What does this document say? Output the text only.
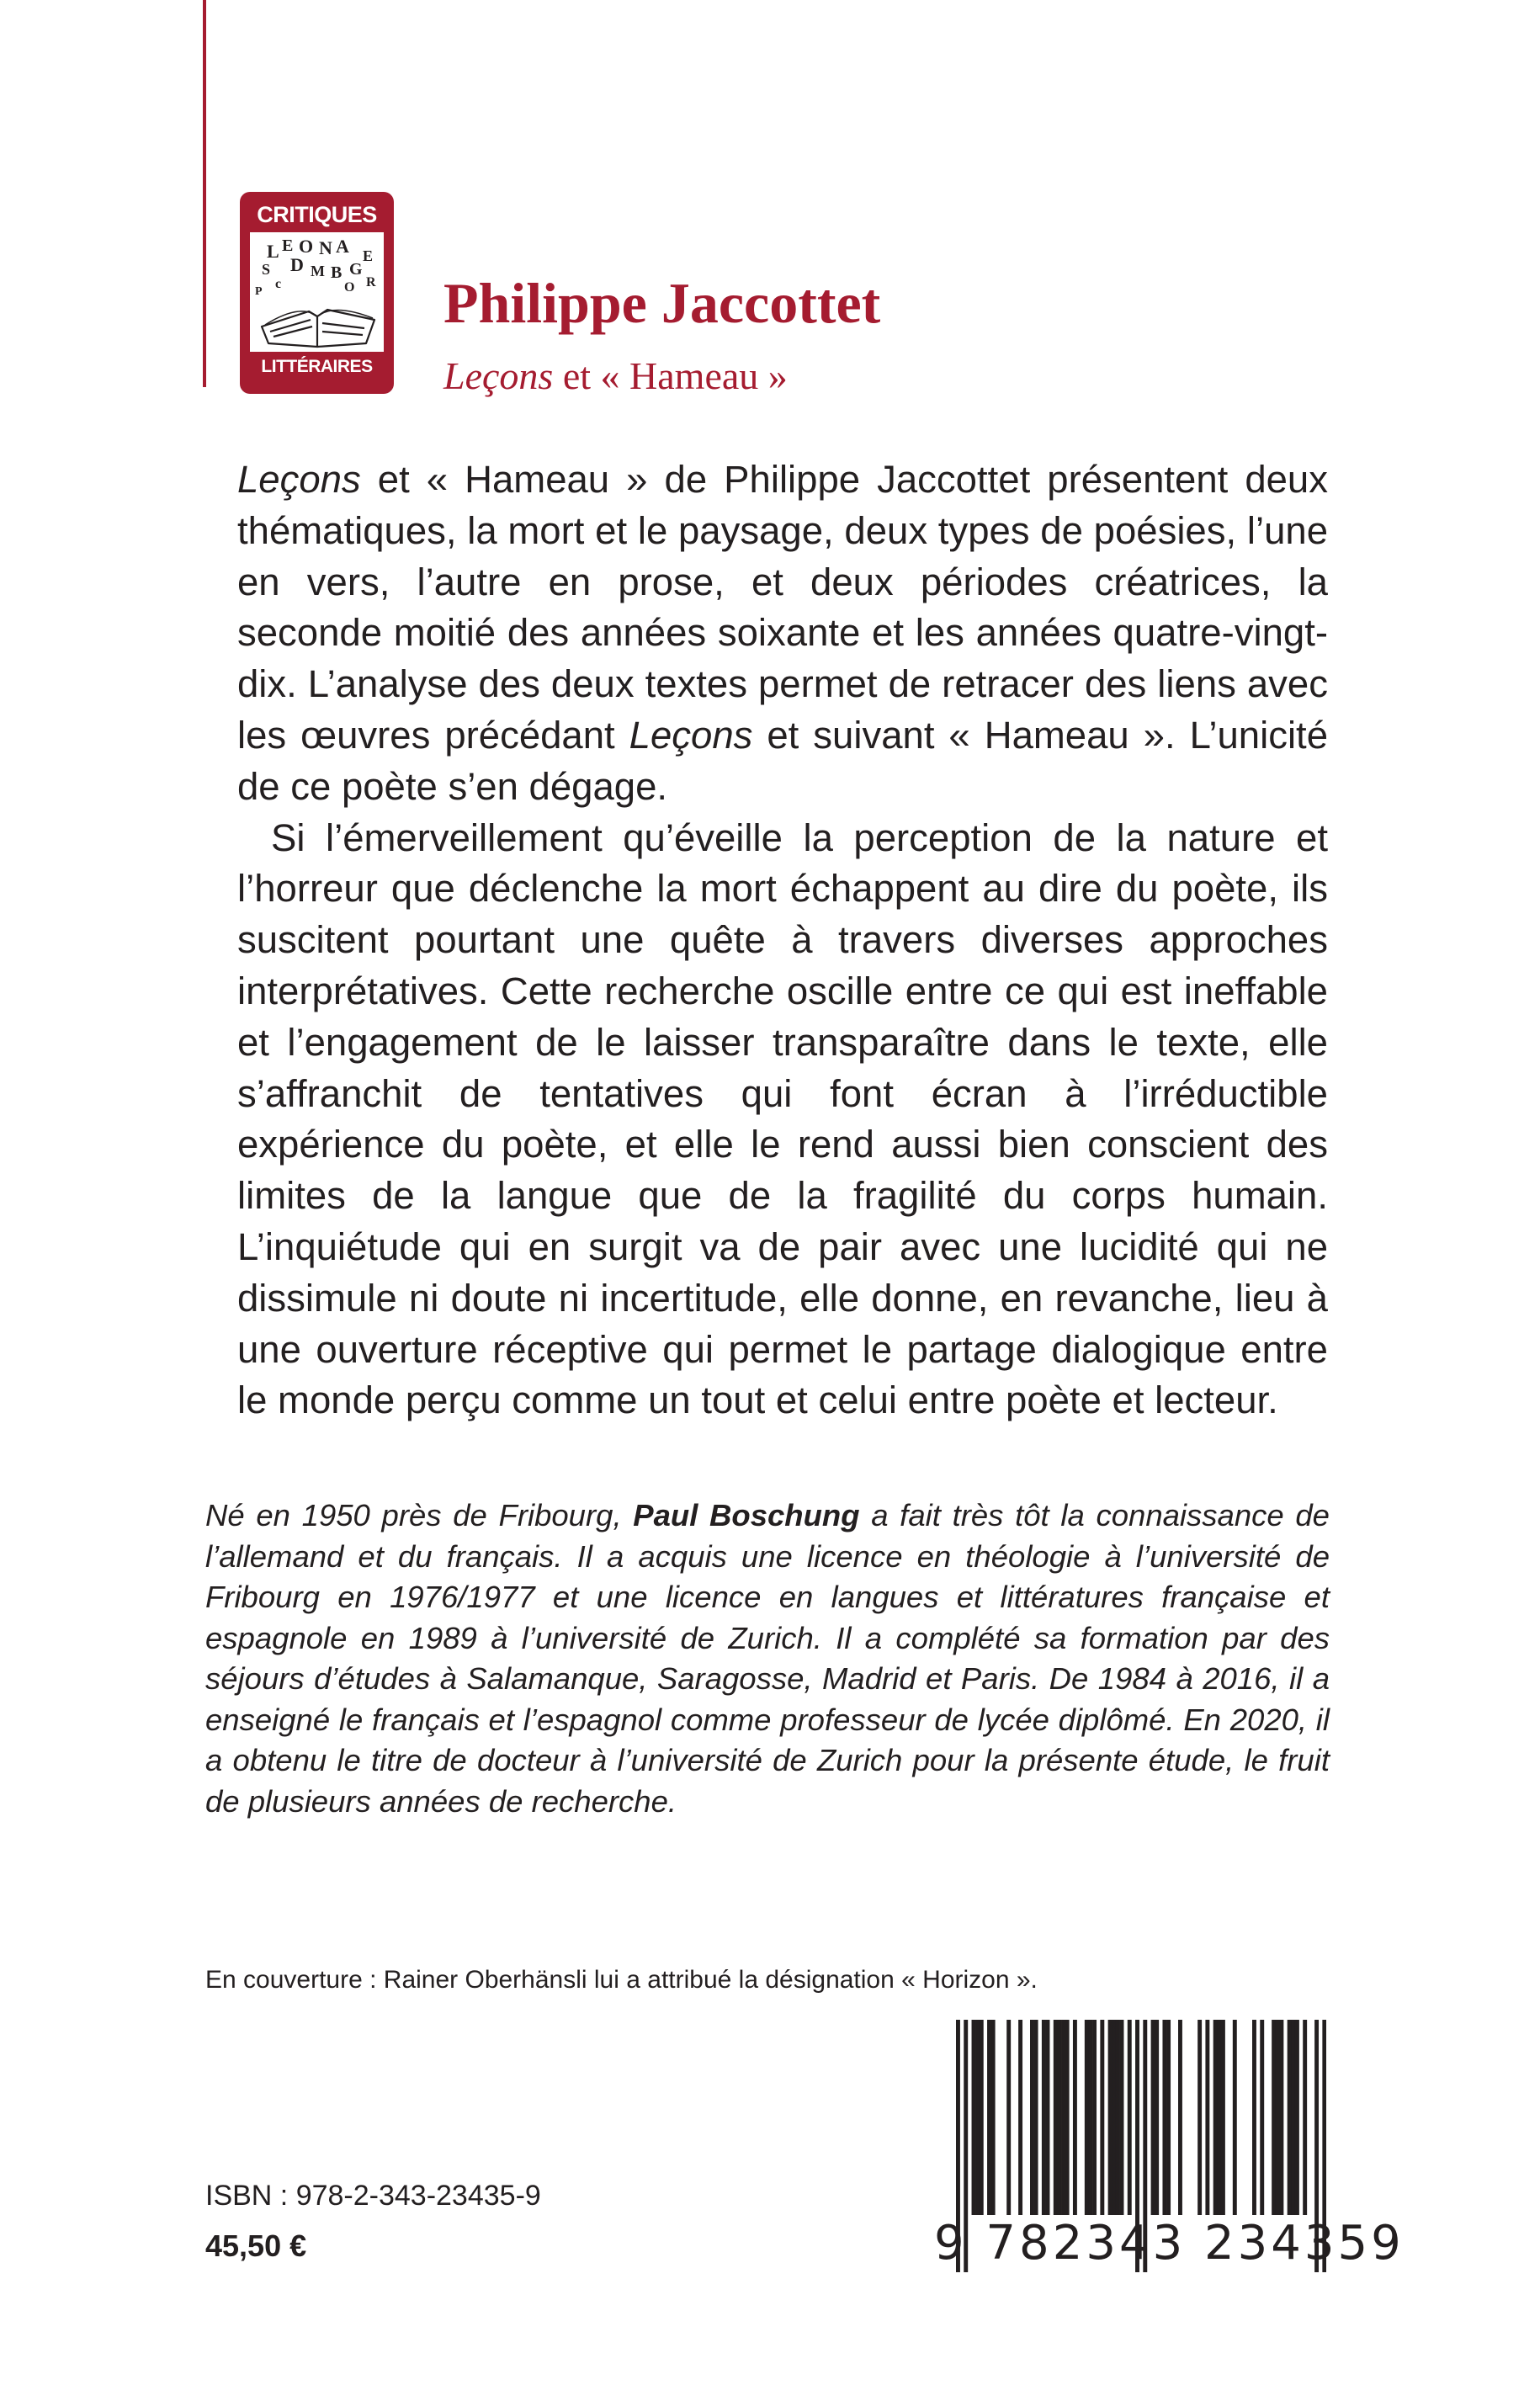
CRITIQUES
L E O N A
S D M B G
E
R
c	O
P
LITTÉRAIRES
Philippe Jaccottet
Leçons et « Hameau »

Leçons et « Hameau » de Philippe Jaccottet présentent deux thématiques, la mort et le paysage, deux types de poésies, l’une en vers, l’autre en prose, et deux périodes créatrices, la seconde moitié des années soixante et les années quatre-vingt-dix. L’analyse des deux textes permet de retracer des liens avec les œuvres précédant Leçons et suivant « Hameau ». L’unicité de ce poète s’en dégage.

Si l’émerveillement qu’éveille la perception de la nature et l’horreur que déclenche la mort échappent au dire du poète, ils suscitent pourtant une quête à travers diverses approches interprétatives. Cette recherche oscille entre ce qui est ineffable et l’engagement de le laisser transparaître dans le texte, elle s’affranchit de tentatives qui font écran à l’irréductible expérience du poète, et elle le rend aussi bien conscient des limites de la langue que de la fragilité du corps humain. L’inquiétude qui en surgit va de pair avec une lucidité qui ne dissimule ni doute ni incertitude, elle donne, en revanche, lieu à une ouverture réceptive qui permet le partage dialogique entre le monde perçu comme un tout et celui entre poète et lecteur.

Né en 1950 près de Fribourg, Paul Boschung a fait très tôt la connaissance de l’allemand et du français. Il a acquis une licence en théologie à l’université de Fribourg en 1976/1977 et une licence en langues et littératures française et espagnole en 1989 à l’université de Zurich. Il a complété sa formation par des séjours d’études à Salamanque, Saragosse, Madrid et Paris. De 1984 à 2016, il a enseigné le français et l’espagnol comme professeur de lycée diplômé. En 2020, il a obtenu le titre de docteur à l’université de Zurich pour la présente étude, le fruit de plusieurs années de recherche.

En couverture : Rainer Oberhänsli lui a attribué la désignation « Horizon ».

9 782343 234359

ISBN : 978-2-343-23435-9

45,50 €
